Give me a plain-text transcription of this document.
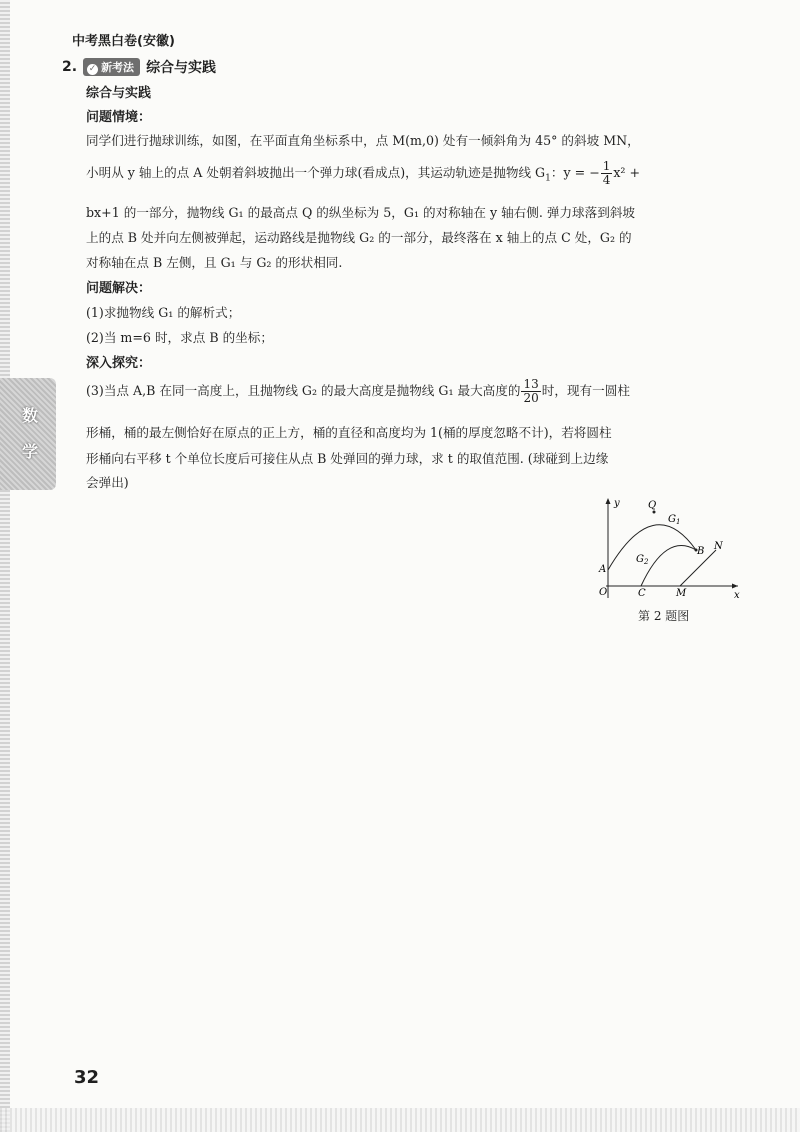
中考黑白卷(安徽)
数学
2.	✓ 新考法 综合与实践
综合与实践
问题情境：
同学们进行抛球训练，如图，在平面直角坐标系中，点 M(m,0) 处有一倾斜角为 45° 的斜坡 MN，
小明从 y 轴上的点 A 处朝着斜坡抛出一个弹力球(看成点)，其运动轨迹是抛物线 $G_1$：y = − $\frac{1}{4} x^2$ +
bx+1 的一部分，抛物线 G₁ 的最高点 Q 的纵坐标为 5，G₁ 的对称轴在 y 轴右侧. 弹力球落到斜坡
上的点 B 处并向左侧被弹起，运动路线是抛物线 G₂ 的一部分，最终落在 x 轴上的点 C 处，G₂ 的
对称轴在点 B 左侧，且 G₁ 与 G₂ 的形状相同.
问题解决：
(1)求抛物线 G₁ 的解析式；
(2)当 m=6 时，求点 B 的坐标；
深入探究：
(3)当点 A,B 在同一高度上，且抛物线 G₂ 的最大高度是抛物线 G₁ 最大高度的 $\frac{13}{20}$ 时，现有一圆柱
形桶，桶的最左侧恰好在原点的正上方，桶的直径和高度均为 1(桶的厚度忽略不计)，若将圆柱
形桶向右平移 t 个单位长度后可接住从点 B 处弹回的弹力球，求 t 的取值范围. (球碰到上边缘
会弹出)
y
x
Q
$G_1$
$G_2$
B N
A
O	C	M
第 2 题图
32
